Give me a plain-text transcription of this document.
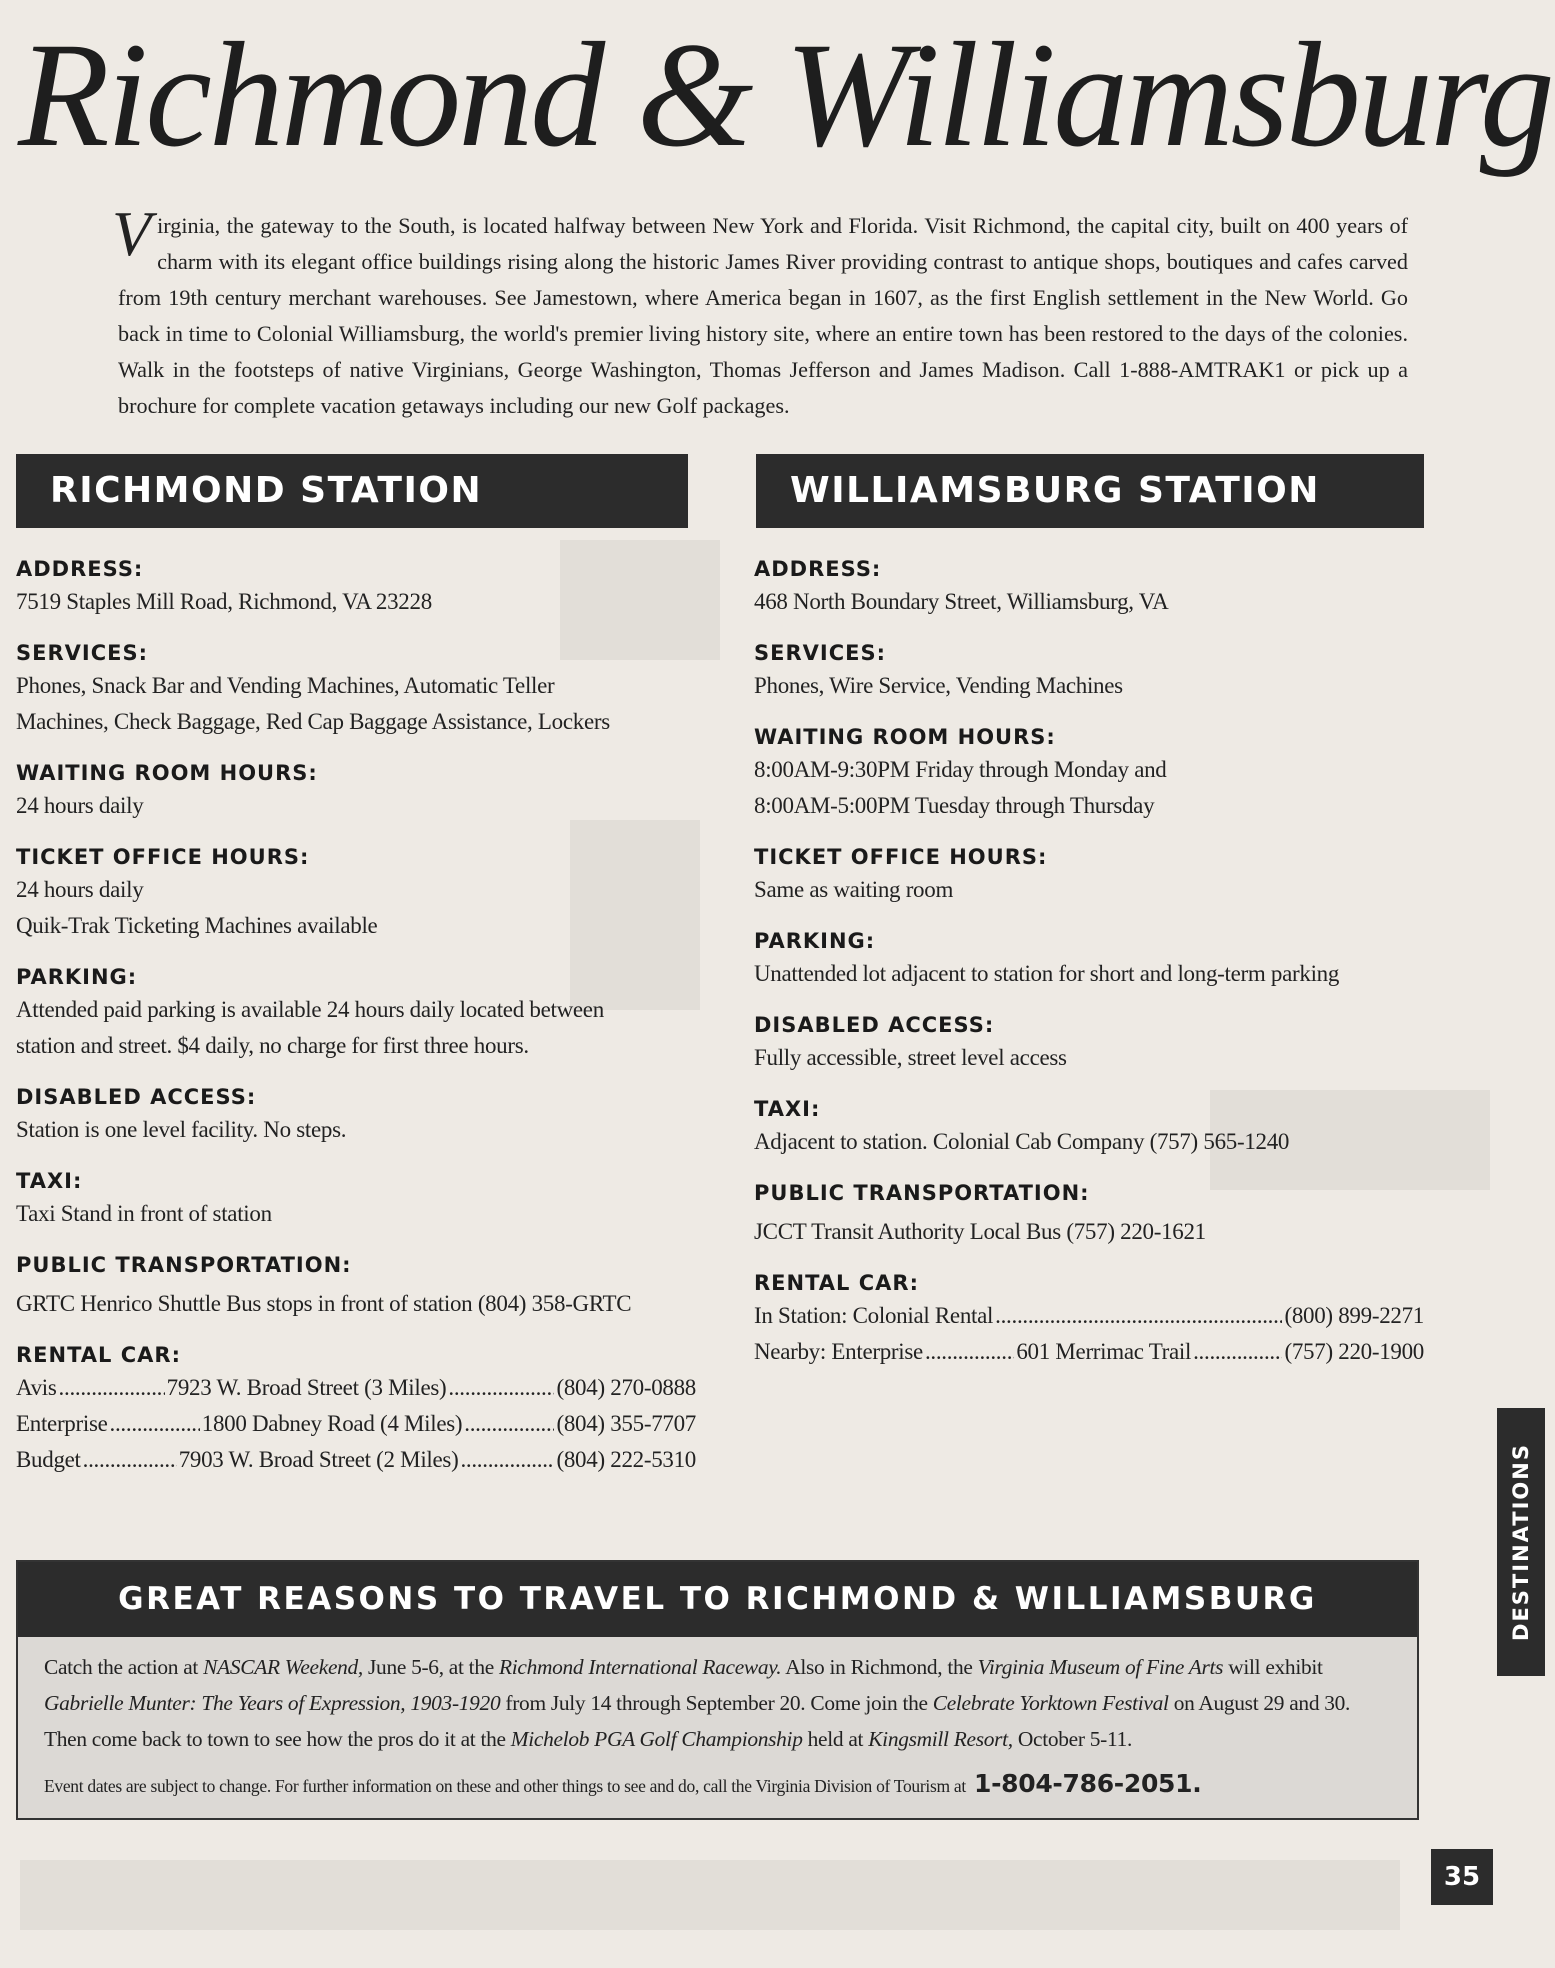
Richmond & Williamsburg
Virginia, the gateway to the South, is located halfway between New York and Florida. Visit Richmond, the capital city, built on 400 years of charm with its elegant office buildings rising along the historic James River providing contrast to antique shops, boutiques and cafes carved from 19th century merchant warehouses. See Jamestown, where America began in 1607, as the first English settlement in the New World. Go back in time to Colonial Williamsburg, the world's premier living history site, where an entire town has been restored to the days of the colonies. Walk in the footsteps of native Virginians, George Washington, Thomas Jefferson and James Madison. Call 1-888-AMTRAK1 or pick up a brochure for complete vacation getaways including our new Golf packages.
RICHMOND STATION
ADDRESS:
7519 Staples Mill Road, Richmond, VA 23228
SERVICES:
Phones, Snack Bar and Vending Machines, Automatic Teller
Machines, Check Baggage, Red Cap Baggage Assistance, Lockers
WAITING ROOM HOURS:
24 hours daily
TICKET OFFICE HOURS:
24 hours daily
Quik-Trak Ticketing Machines available
PARKING:
Attended paid parking is available 24 hours daily located between
station and street. $4 daily, no charge for first three hours.
DISABLED ACCESS:
Station is one level facility. No steps.
TAXI:
Taxi Stand in front of station
PUBLIC TRANSPORTATION:
GRTC Henrico Shuttle Bus stops in front of station (804) 358-GRTC
RENTAL CAR:
Avis .....	7923 W. Broad Street (3 Miles) .....	(804) 270-0888
Enterprise .....	1800 Dabney Road (4 Miles) .....	(804) 355-7707
Budget .....	7903 W. Broad Street (2 Miles) .....	(804) 222-5310
WILLIAMSBURG STATION
ADDRESS:
468 North Boundary Street, Williamsburg, VA
SERVICES:
Phones, Wire Service, Vending Machines
WAITING ROOM HOURS:
8:00AM-9:30PM Friday through Monday and
8:00AM-5:00PM Tuesday through Thursday
TICKET OFFICE HOURS:
Same as waiting room
PARKING:
Unattended lot adjacent to station for short and long-term parking
DISABLED ACCESS:
Fully accessible, street level access
TAXI:
Adjacent to station. Colonial Cab Company (757) 565-1240
PUBLIC TRANSPORTATION:
JCCT Transit Authority Local Bus (757) 220-1621
RENTAL CAR:
In Station: Colonial Rental .....	(800) 899-2271
Nearby: Enterprise .....	601 Merrimac Trail .....	(757) 220-1900
GREAT REASONS TO TRAVEL TO RICHMOND & WILLIAMSBURG
Catch the action at NASCAR Weekend, June 5-6, at the Richmond International Raceway. Also in Richmond, the Virginia Museum of Fine Arts will exhibit Gabrielle Munter: The Years of Expression, 1903-1920 from July 14 through September 20. Come join the Celebrate Yorktown Festival on August 29 and 30. Then come back to town to see how the pros do it at the Michelob PGA Golf Championship held at Kingsmill Resort, October 5-11.
Event dates are subject to change. For further information on these and other things to see and do, call the Virginia Division of Tourism at 1-804-786-2051.
DESTINATIONS
35
